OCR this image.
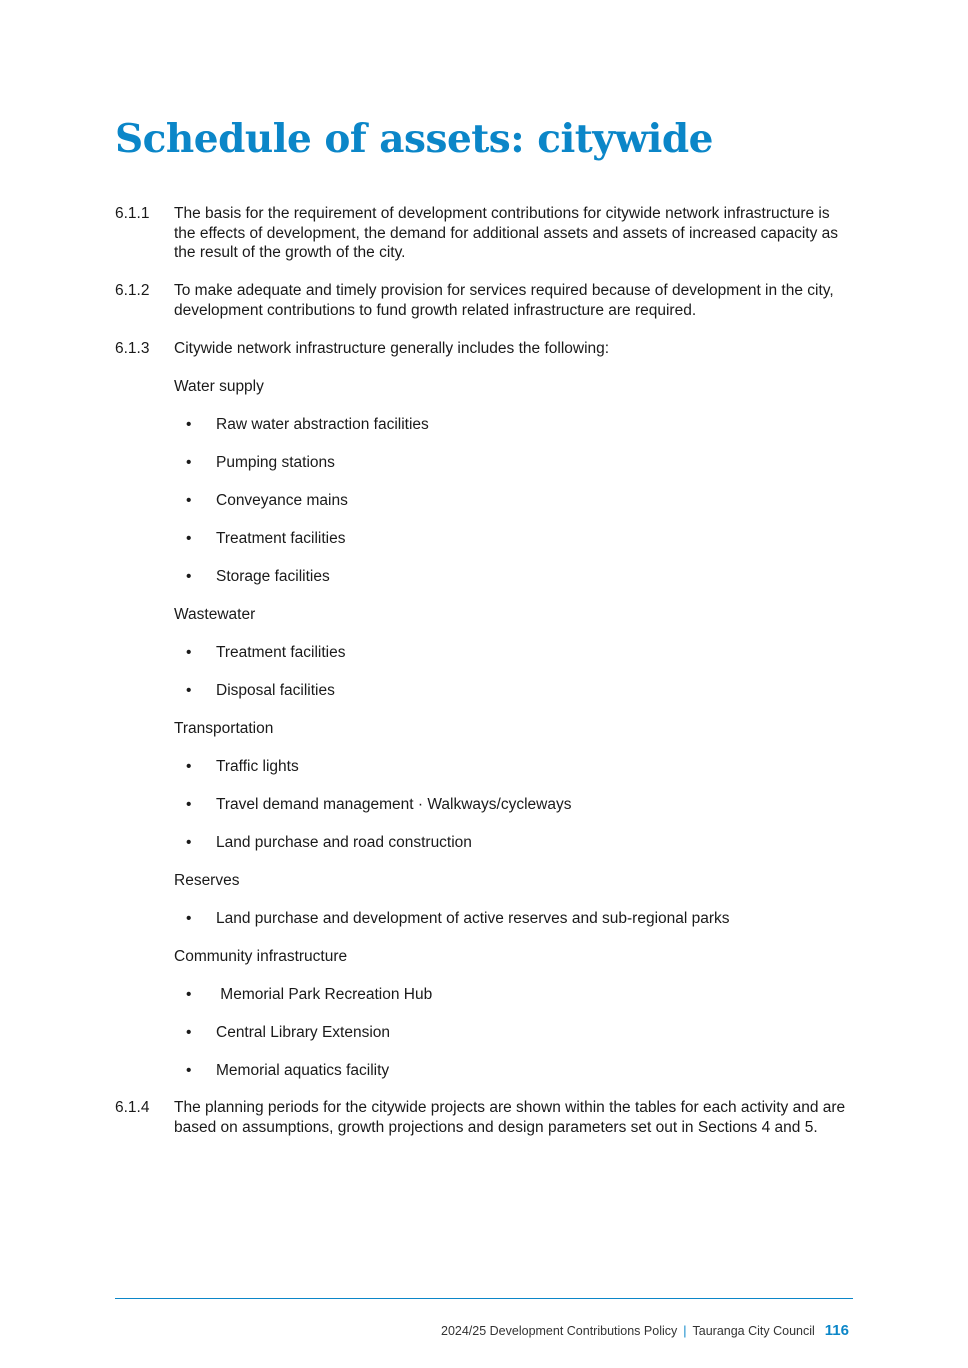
Schedule of assets: citywide
6.1.1 The basis for the requirement of development contributions for citywide network infrastructure is the effects of development, the demand for additional assets and assets of increased capacity as the result of the growth of the city.
6.1.2 To make adequate and timely provision for services required because of development in the city, development contributions to fund growth related infrastructure are required.
6.1.3 Citywide network infrastructure generally includes the following:
Water supply
• Raw water abstraction facilities
• Pumping stations
• Conveyance mains
• Treatment facilities
• Storage facilities
Wastewater
• Treatment facilities
• Disposal facilities
Transportation
• Traffic lights
• Travel demand management · Walkways/cycleways
• Land purchase and road construction
Reserves
• Land purchase and development of active reserves and sub-regional parks
Community infrastructure
• Memorial Park Recreation Hub
• Central Library Extension
• Memorial aquatics facility
6.1.4 The planning periods for the citywide projects are shown within the tables for each activity and are based on assumptions, growth projections and design parameters set out in Sections 4 and 5.
2024/25 Development Contributions Policy | Tauranga City Council 116
